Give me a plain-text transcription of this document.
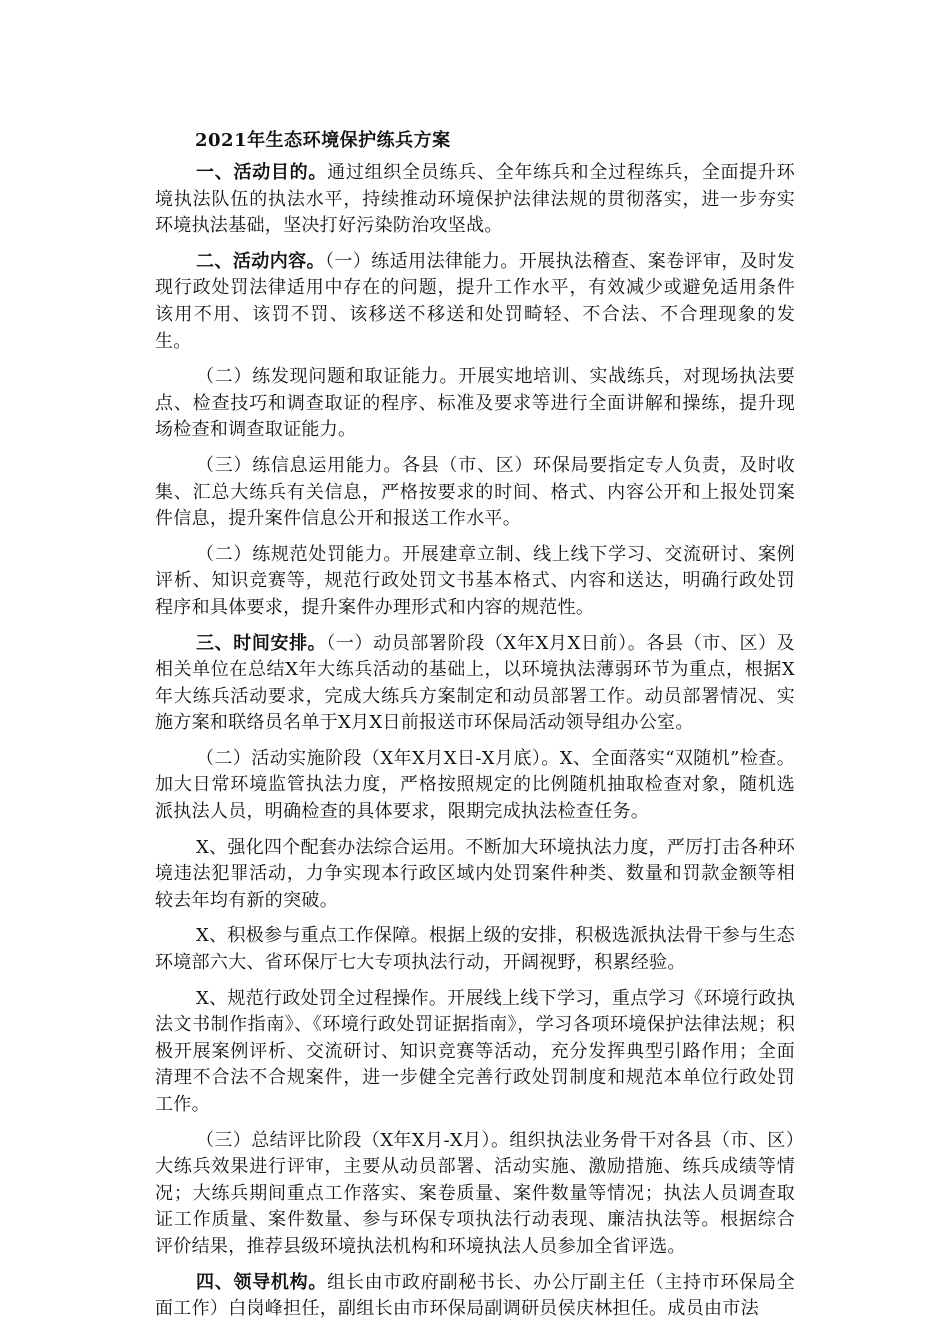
2021年生态环境保护练兵方案

一、活动目的。通过组织全员练兵、全年练兵和全过程练兵，全面提升环境执法队伍的执法水平，持续推动环境保护法律法规的贯彻落实，进一步夯实环境执法基础，坚决打好污染防治攻坚战。

二、活动内容。（一）练适用法律能力。开展执法稽查、案卷评审，及时发现行政处罚法律适用中存在的问题，提升工作水平，有效减少或避免适用条件该用不用、该罚不罚、该移送不移送和处罚畸轻、不合法、不合理现象的发生。

（二）练发现问题和取证能力。开展实地培训、实战练兵，对现场执法要点、检查技巧和调查取证的程序、标准及要求等进行全面讲解和操练，提升现场检查和调查取证能力。

（三）练信息运用能力。各县（市、区）环保局要指定专人负责，及时收集、汇总大练兵有关信息，严格按要求的时间、格式、内容公开和上报处罚案件信息，提升案件信息公开和报送工作水平。

（二）练规范处罚能力。开展建章立制、线上线下学习、交流研讨、案例评析、知识竞赛等，规范行政处罚文书基本格式、内容和送达，明确行政处罚程序和具体要求，提升案件办理形式和内容的规范性。

三、时间安排。（一）动员部署阶段（X年X月X日前）。各县（市、区）及相关单位在总结X年大练兵活动的基础上，以环境执法薄弱环节为重点，根据X年大练兵活动要求，完成大练兵方案制定和动员部署工作。动员部署情况、实施方案和联络员名单于X月X日前报送市环保局活动领导组办公室。

（二）活动实施阶段（X年X月X日-X月底）。X、全面落实“双随机”检查。加大日常环境监管执法力度，严格按照规定的比例随机抽取检查对象，随机选派执法人员，明确检查的具体要求，限期完成执法检查任务。

X、强化四个配套办法综合运用。不断加大环境执法力度，严厉打击各种环境违法犯罪活动，力争实现本行政区域内处罚案件种类、数量和罚款金额等相较去年均有新的突破。

X、积极参与重点工作保障。根据上级的安排，积极选派执法骨干参与生态环境部六大、省环保厅七大专项执法行动，开阔视野，积累经验。

X、规范行政处罚全过程操作。开展线上线下学习，重点学习《环境行政执法文书制作指南》、《环境行政处罚证据指南》，学习各项环境保护法律法规；积极开展案例评析、交流研讨、知识竞赛等活动，充分发挥典型引路作用；全面清理不合法不合规案件，进一步健全完善行政处罚制度和规范本单位行政处罚工作。

（三）总结评比阶段（X年X月-X月）。组织执法业务骨干对各县（市、区）大练兵效果进行评审，主要从动员部署、活动实施、激励措施、练兵成绩等情况；大练兵期间重点工作落实、案卷质量、案件数量等情况；执法人员调查取证工作质量、案件数量、参与环保专项执法行动表现、廉洁执法等。根据综合评价结果，推荐县级环境执法机构和环境执法人员参加全省评选。

四、领导机构。组长由市政府副秘书长、办公厅副主任（主持市环保局全面工作）白岗峰担任，副组长由市环保局副调研员侯庆林担任。成员由市法
